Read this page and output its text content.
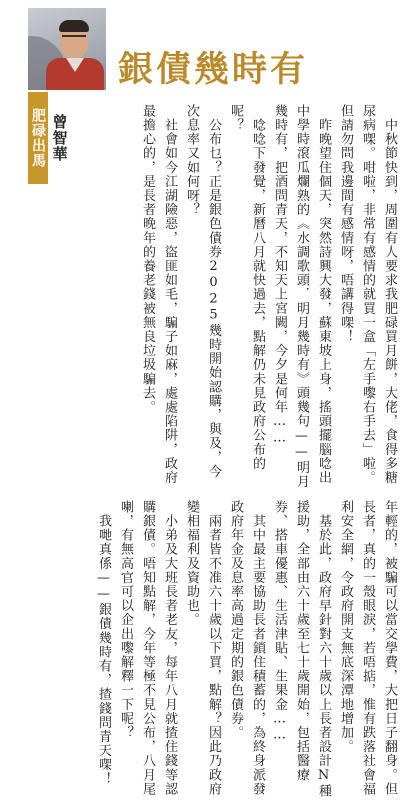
銀債幾時有
肥碌出馬 曾智華	　中秋節快到，周圍有人要求我肥碌買月餅，大佬，食得多糖尿病㗎。咁啦，非常有感情的就買一盒「左手嚟右手去」啦。但請勿問我邊間有感情呀，唔講得㗎！
　昨晚望住個天，突然詩興大發，蘇東坡上身，搖頭擺腦唸出中學時滾瓜爛熟的《水調歌頭．明月幾時有》頭幾句——明月幾時有，把酒問青天，不知天上宮闕，今夕是何年……
　唸唸下發覺，新曆八月就快過去，點解仍未見政府公布的呢？
　公布乜？正是銀色債券2025幾時開始認購，與及，今次息率又如何呀？
　社會如今江湖險惡，盜匪如毛，騙子如麻，處處陷阱，政府最擔心的，是長者晚年的養老錢被無良垃圾騙去。
年輕的，被騙可以當交學費，大把日子翻身。但長者，真的一殼眼淚，若唔掂，惟有跌落社會福利安全網，令政府開支無底深潭地增加。
　基於此，政府早針對六十歲以上長者設計N種援助，全部由六十歲至七十歲開始，包括醫療券、搭車優惠、生活津貼、生果金……
　其中最主要協助長者鎖住積蓄的，為終身派發政府年金及息率高過定期的銀色債券。
　兩者皆不准六十歲以下買，點解？因此乃政府變相福利及資助也。
　小弟及大班長者老友，每年八月就揸住錢等認購銀債。唔知點解，今年等極不見公布，八月尾喇，有無高官可以企出嚟解釋一下呢？
　我哋真係——銀債幾時有，揸錢問青天㗎！
